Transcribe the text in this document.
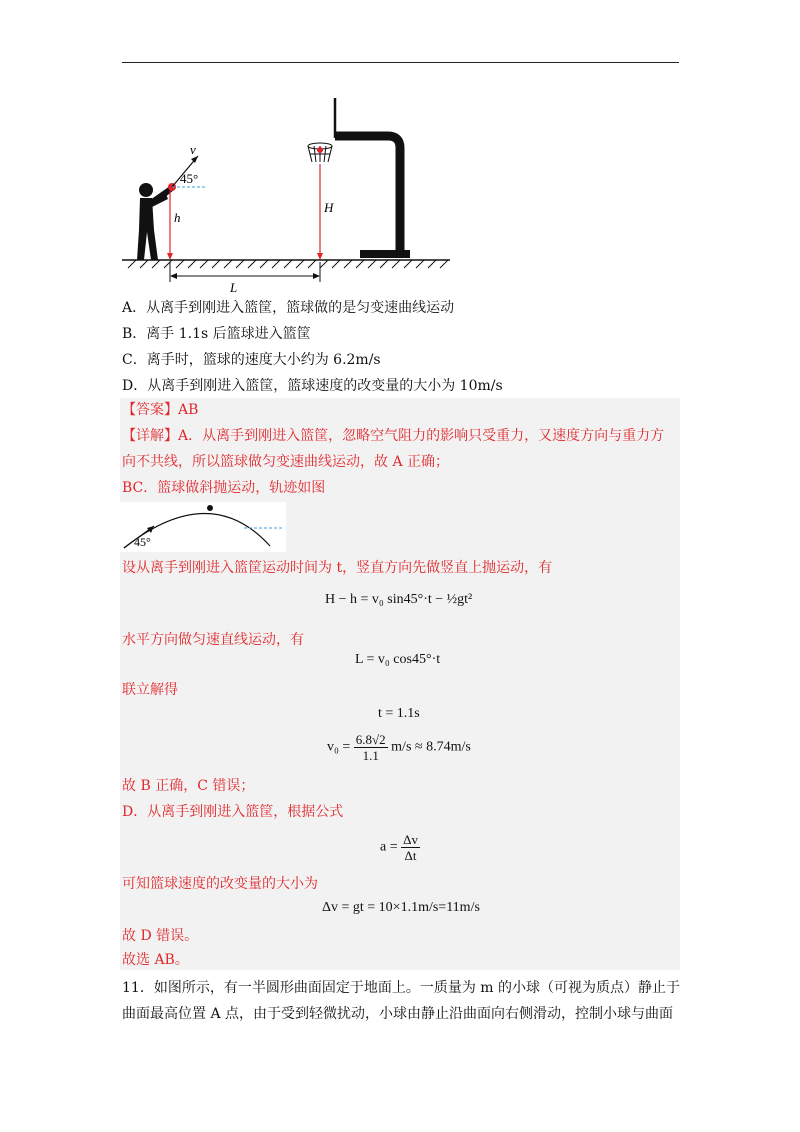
v
45°
h
H
L
A．从离手到刚进入篮筐，篮球做的是匀变速曲线运动
B．离手 1.1s 后篮球进入篮筐
C．离手时，篮球的速度大小约为 6.2m/s
D．从离手到刚进入篮筐，篮球速度的改变量的大小为 10m/s
【答案】AB
【详解】A．从离手到刚进入篮筐，忽略空气阻力的影响只受重力，又速度方向与重力方
向不共线，所以篮球做匀变速曲线运动，故 A 正确；
BC．篮球做斜抛运动，轨迹如图
45°
设从离手到刚进入篮筐运动时间为 t，竖直方向先做竖直上抛运动，有
H − h = v₀ sin45°·t − ½gt²
水平方向做匀速直线运动，有
L = v₀ cos45°·t
联立解得
t = 1.1s
$v_0 = \frac{6.8√2}{1.1} m/s \approx 8.74m/s$
故 B 正确，C 错误；
D．从离手到刚进入篮筐，根据公式
$a = \frac{\Delta v}{\Delta t}$
可知篮球速度的改变量的大小为
Δv = gt = 10×1.1m/s=11m/s
故 D 错误。
故选 AB。
11．如图所示，有一半圆形曲面固定于地面上。一质量为 m 的小球（可视为质点）静止于
曲面最高位置 A 点，由于受到轻微扰动，小球由静止沿曲面向右侧滑动，控制小球与曲面
